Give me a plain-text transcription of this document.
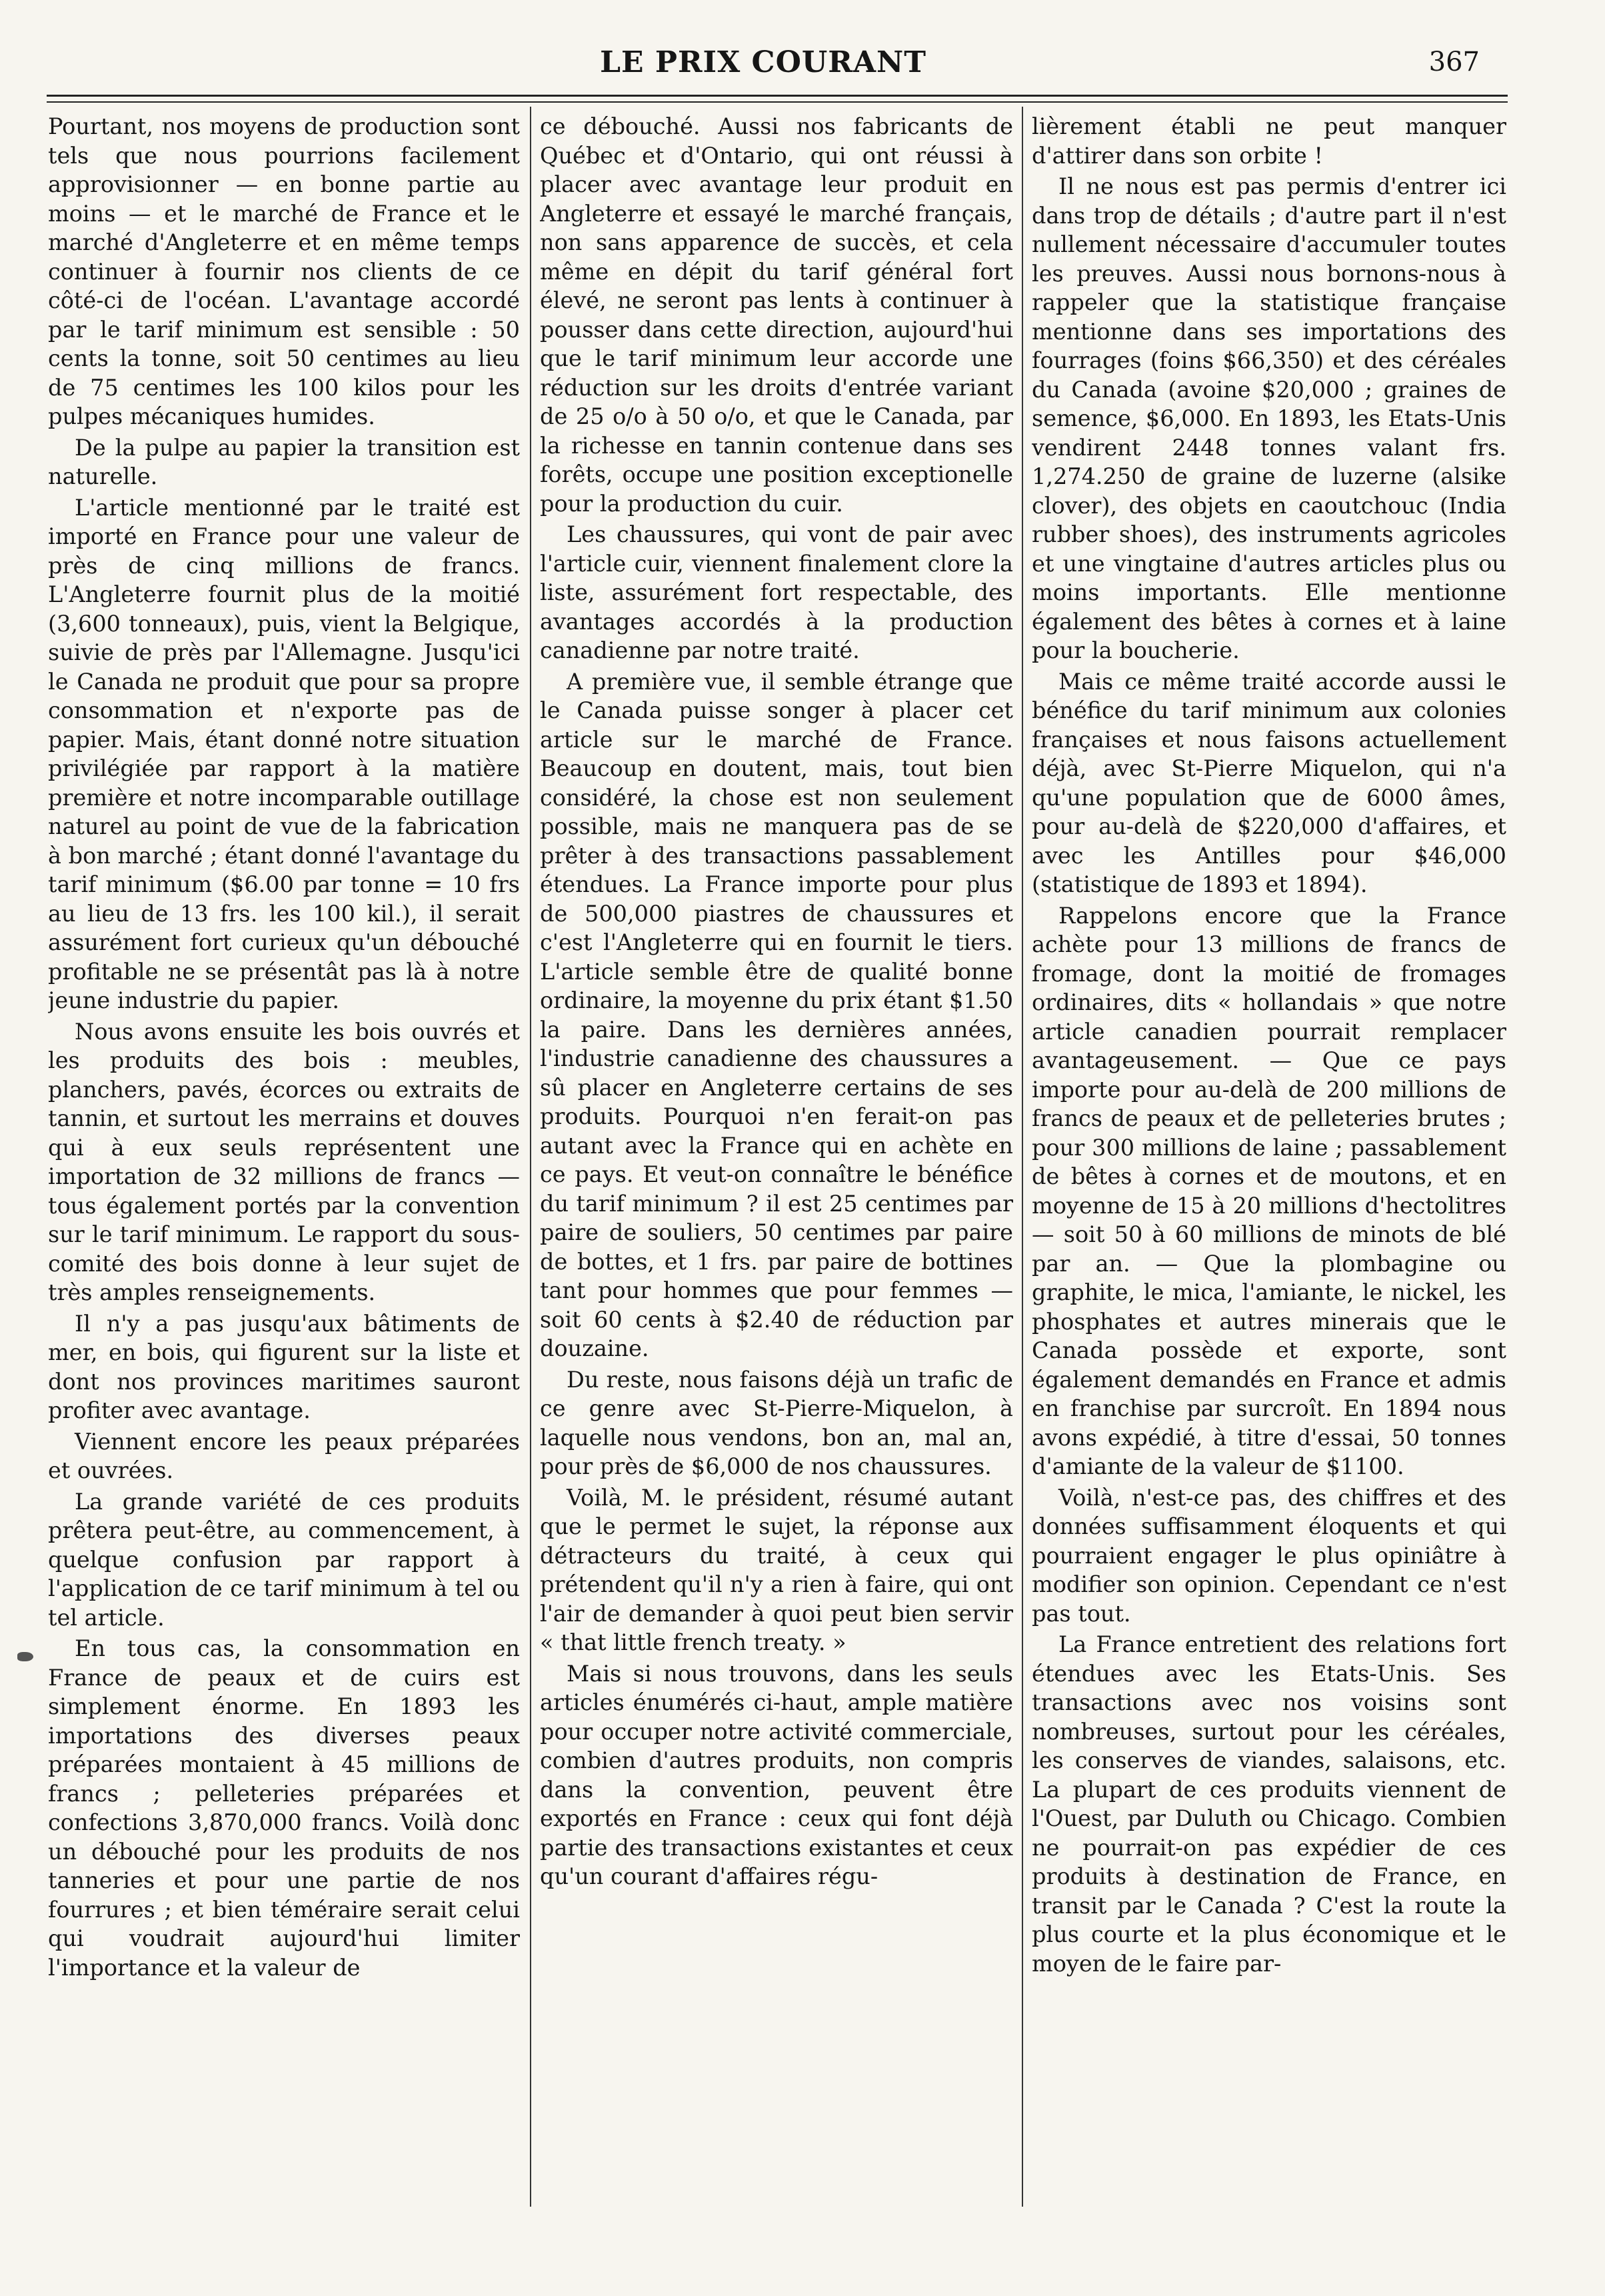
LE PRIX COURANT	367

Pourtant, nos moyens de production sont tels que nous pourrions facilement approvisionner — en bonne partie au moins — et le marché de France et le marché d'Angleterre et en même temps continuer à fournir nos clients de ce côté-ci de l'océan. L'avantage accordé par le tarif minimum est sensible : 50 cents la tonne, soit 50 centimes au lieu de 75 centimes les 100 kilos pour les pulpes mécaniques humides.

De la pulpe au papier la transition est naturelle.

L'article mentionné par le traité est importé en France pour une valeur de près de cinq millions de francs. L'Angleterre fournit plus de la moitié (3,600 tonneaux), puis, vient la Belgique, suivie de près par l'Allemagne. Jusqu'ici le Canada ne produit que pour sa propre consommation et n'exporte pas de papier. Mais, étant donné notre situation privilégiée par rapport à la matière première et notre incomparable outillage naturel au point de vue de la fabrication à bon marché ; étant donné l'avantage du tarif minimum ($6.00 par tonne = 10 frs au lieu de 13 frs. les 100 kil.), il serait assurément fort curieux qu'un débouché profitable ne se présentât pas là à notre jeune industrie du papier.

Nous avons ensuite les bois ouvrés et les produits des bois : meubles, planchers, pavés, écorces ou extraits de tannin, et surtout les merrains et douves qui à eux seuls représentent une importation de 32 millions de francs — tous également portés par la convention sur le tarif minimum. Le rapport du sous-comité des bois donne à leur sujet de très amples renseignements.

Il n'y a pas jusqu'aux bâtiments de mer, en bois, qui figurent sur la liste et dont nos provinces maritimes sauront profiter avec avantage.

Viennent encore les peaux préparées et ouvrées.

La grande variété de ces produits prêtera peut-être, au commencement, à quelque confusion par rapport à l'application de ce tarif minimum à tel ou tel article.

En tous cas, la consommation en France de peaux et de cuirs est simplement énorme. En 1893 les importations des diverses peaux préparées montaient à 45 millions de francs ; pelleteries préparées et confections 3,870,000 francs. Voilà donc un débouché pour les produits de nos tanneries et pour une partie de nos fourrures ; et bien téméraire serait celui qui voudrait aujourd'hui limiter l'importance et la valeur de

ce débouché. Aussi nos fabricants de Québec et d'Ontario, qui ont réussi à placer avec avantage leur produit en Angleterre et essayé le marché français, non sans apparence de succès, et cela même en dépit du tarif général fort élevé, ne seront pas lents à continuer à pousser dans cette direction, aujourd'hui que le tarif minimum leur accorde une réduction sur les droits d'entrée variant de 25 o/o à 50 o/o, et que le Canada, par la richesse en tannin contenue dans ses forêts, occupe une position exceptionelle pour la production du cuir.

Les chaussures, qui vont de pair avec l'article cuir, viennent finalement clore la liste, assurément fort respectable, des avantages accordés à la production canadienne par notre traité.

A première vue, il semble étrange que le Canada puisse songer à placer cet article sur le marché de France. Beaucoup en doutent, mais, tout bien considéré, la chose est non seulement possible, mais ne manquera pas de se prêter à des transactions passablement étendues. La France importe pour plus de 500,000 piastres de chaussures et c'est l'Angleterre qui en fournit le tiers. L'article semble être de qualité bonne ordinaire, la moyenne du prix étant $1.50 la paire. Dans les dernières années, l'industrie canadienne des chaussures a sû placer en Angleterre certains de ses produits. Pourquoi n'en ferait-on pas autant avec la France qui en achète en ce pays. Et veut-on connaître le bénéfice du tarif minimum ? il est 25 centimes par paire de souliers, 50 centimes par paire de bottes, et 1 frs. par paire de bottines tant pour hommes que pour femmes — soit 60 cents à $2.40 de réduction par douzaine.

Du reste, nous faisons déjà un trafic de ce genre avec St-Pierre-Miquelon, à laquelle nous vendons, bon an, mal an, pour près de $6,000 de nos chaussures.

Voilà, M. le président, résumé autant que le permet le sujet, la réponse aux détracteurs du traité, à ceux qui prétendent qu'il n'y a rien à faire, qui ont l'air de demander à quoi peut bien servir « that little french treaty. »

Mais si nous trouvons, dans les seuls articles énumérés ci-haut, ample matière pour occuper notre activité commerciale, combien d'autres produits, non compris dans la convention, peuvent être exportés en France : ceux qui font déjà partie des transactions existantes et ceux qu'un courant d'affaires régu-

lièrement établi ne peut manquer d'attirer dans son orbite !

Il ne nous est pas permis d'entrer ici dans trop de détails ; d'autre part il n'est nullement nécessaire d'accumuler toutes les preuves. Aussi nous bornons-nous à rappeler que la statistique française mentionne dans ses importations des fourrages (foins $66,350) et des céréales du Canada (avoine $20,000 ; graines de semence, $6,000. En 1893, les Etats-Unis vendirent 2448 tonnes valant frs. 1,274.250 de graine de luzerne (alsike clover), des objets en caoutchouc (India rubber shoes), des instruments agricoles et une vingtaine d'autres articles plus ou moins importants. Elle mentionne également des bêtes à cornes et à laine pour la boucherie.

Mais ce même traité accorde aussi le bénéfice du tarif minimum aux colonies françaises et nous faisons actuellement déjà, avec St-Pierre Miquelon, qui n'a qu'une population que de 6000 âmes, pour au-delà de $220,000 d'affaires, et avec les Antilles pour $46,000 (statistique de 1893 et 1894).

Rappelons encore que la France achète pour 13 millions de francs de fromage, dont la moitié de fromages ordinaires, dits « hollandais » que notre article canadien pourrait remplacer avantageusement. — Que ce pays importe pour au-delà de 200 millions de francs de peaux et de pelleteries brutes ; pour 300 millions de laine ; passablement de bêtes à cornes et de moutons, et en moyenne de 15 à 20 millions d'hectolitres — soit 50 à 60 millions de minots de blé par an. — Que la plombagine ou graphite, le mica, l'amiante, le nickel, les phosphates et autres minerais que le Canada possède et exporte, sont également demandés en France et admis en franchise par surcroît. En 1894 nous avons expédié, à titre d'essai, 50 tonnes d'amiante de la valeur de $1100.

Voilà, n'est-ce pas, des chiffres et des données suffisamment éloquents et qui pourraient engager le plus opiniâtre à modifier son opinion. Cependant ce n'est pas tout.

La France entretient des relations fort étendues avec les Etats-Unis. Ses transactions avec nos voisins sont nombreuses, surtout pour les céréales, les conserves de viandes, salaisons, etc. La plupart de ces produits viennent de l'Ouest, par Duluth ou Chicago. Combien ne pourrait-on pas expédier de ces produits à destination de France, en transit par le Canada ? C'est la route la plus courte et la plus économique et le moyen de le faire par-
